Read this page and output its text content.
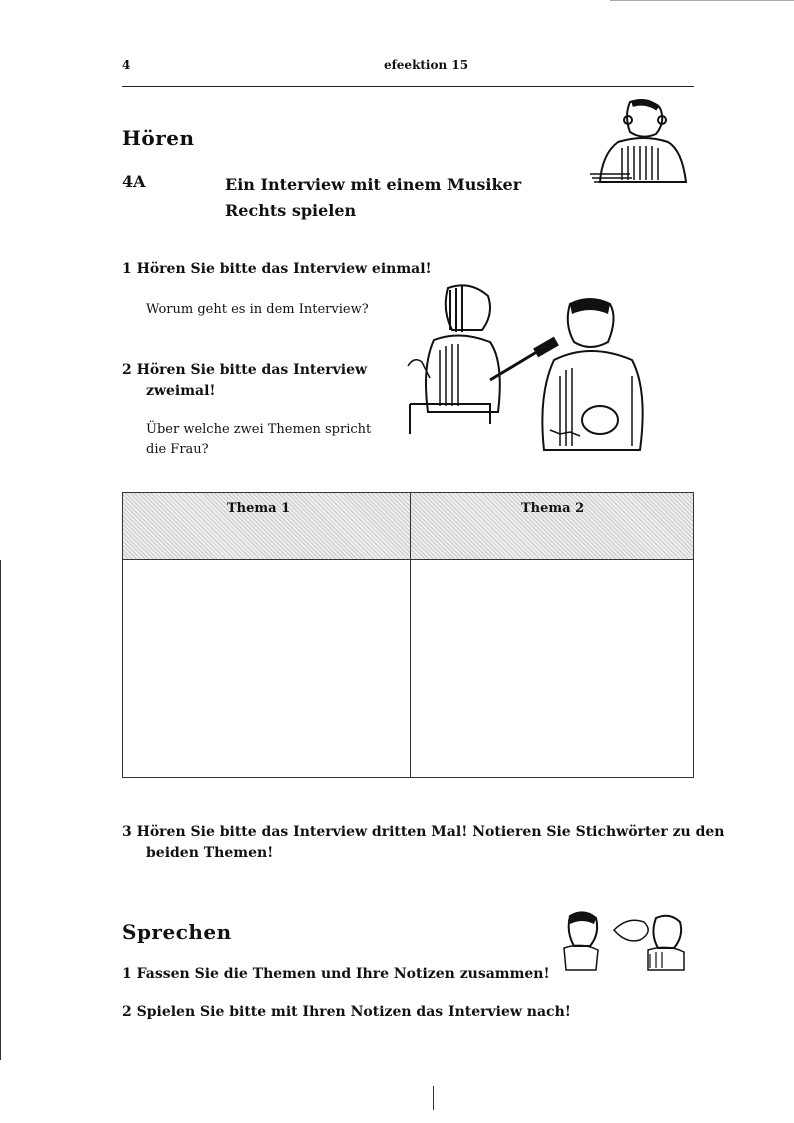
4	efeektion 15
Hören
4A	Ein Interview mit einem Musiker
Rechts spielen
1 Hören Sie bitte das Interview einmal!
Worum geht es in dem Interview?
2 Hören Sie bitte das Interview
zweimal!
Über welche zwei Themen spricht
die Frau?
Thema 1	Thema 2
3 Hören Sie bitte das Interview dritten Mal! Notieren Sie Stichwörter zu den
beiden Themen!
Sprechen
1 Fassen Sie die Themen und Ihre Notizen zusammen!
2 Spielen Sie bitte mit Ihren Notizen das Interview nach!
